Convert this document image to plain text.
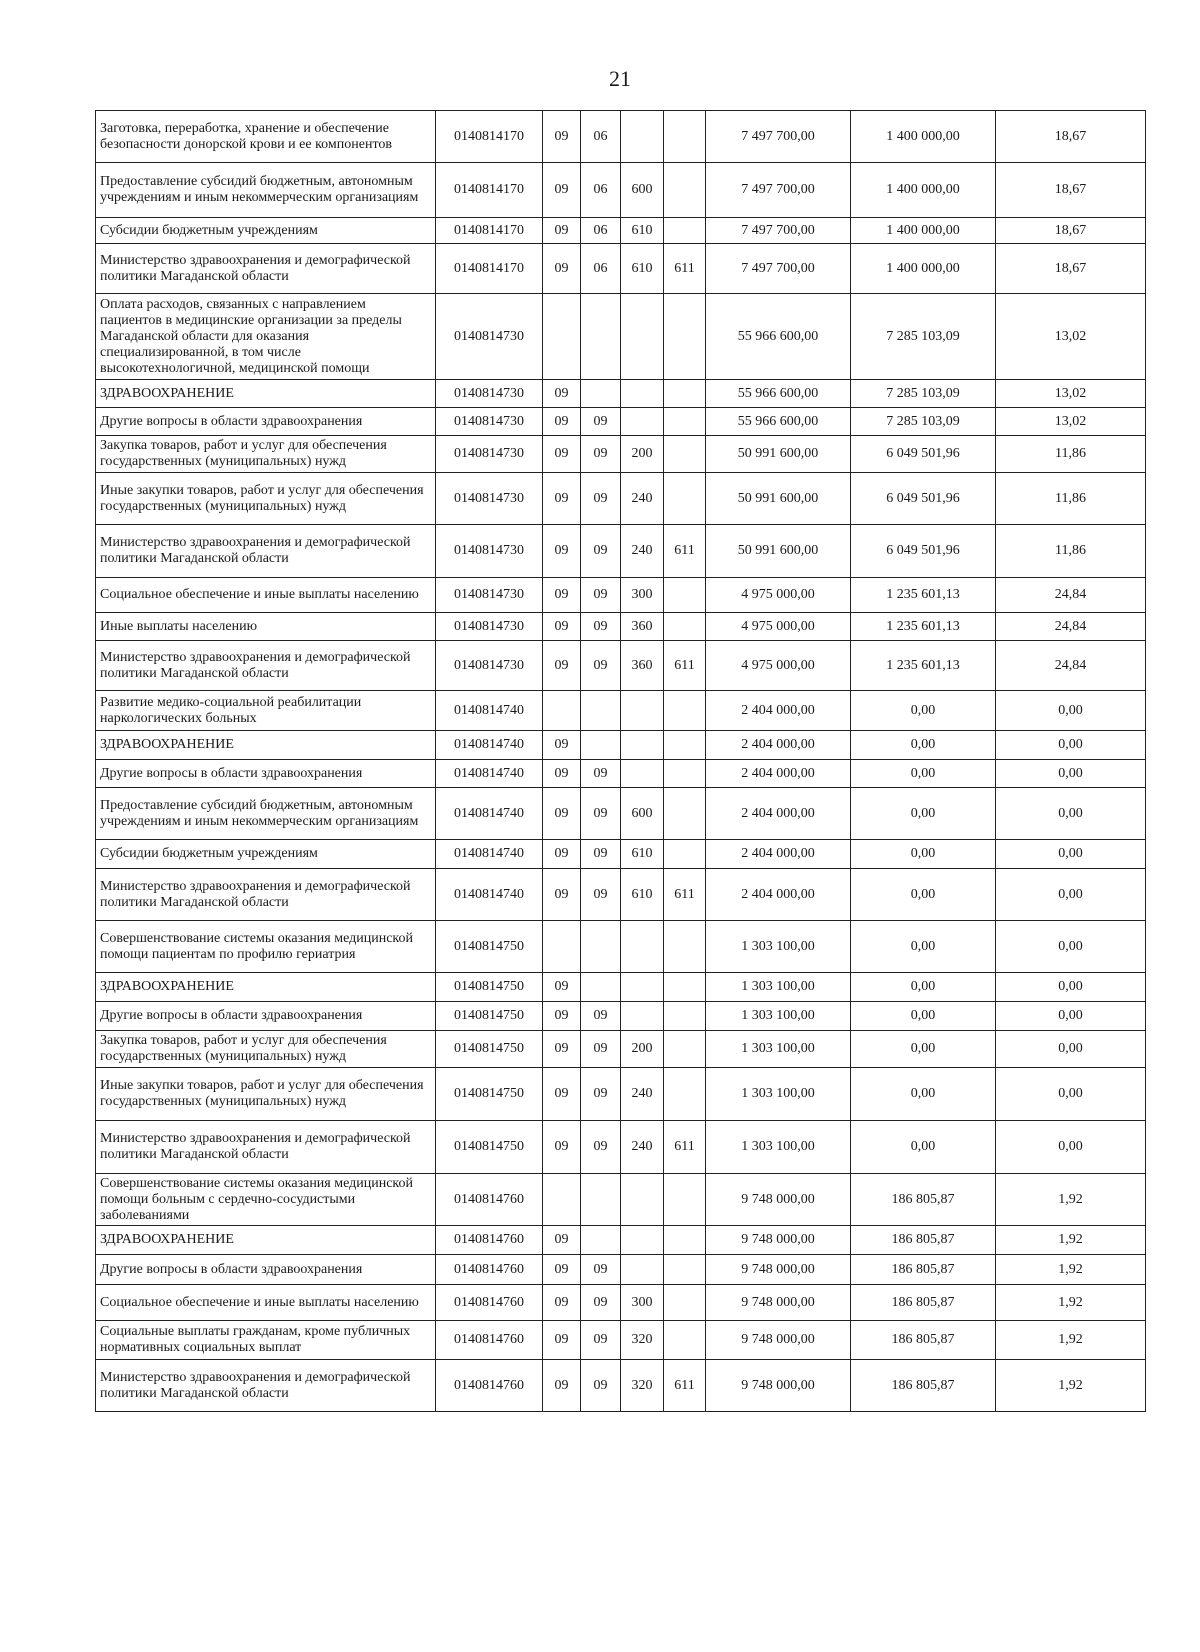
21
Заготовка, переработка, хранение и обеспечение безопасности донорской крови и ее компонентов	0140814170	09	06			7 497 700,00	1 400 000,00	18,67
Предоставление субсидий бюджетным, автономным учреждениям и иным некоммерческим организациям	0140814170	09	06	600		7 497 700,00	1 400 000,00	18,67
Субсидии бюджетным учреждениям	0140814170	09	06	610		7 497 700,00	1 400 000,00	18,67
Министерство здравоохранения и демографической политики Магаданской области	0140814170	09	06	610	611	7 497 700,00	1 400 000,00	18,67
Оплата расходов, связанных с направлением пациентов в медицинские организации за пределы Магаданской области для оказания специализированной, в том числе высокотехнологичной, медицинской помощи	0140814730					55 966 600,00	7 285 103,09	13,02
ЗДРАВООХРАНЕНИЕ	0140814730	09				55 966 600,00	7 285 103,09	13,02
Другие вопросы в области здравоохранения	0140814730	09	09			55 966 600,00	7 285 103,09	13,02
Закупка товаров, работ и услуг для обеспечения государственных (муниципальных) нужд	0140814730	09	09	200		50 991 600,00	6 049 501,96	11,86
Иные закупки товаров, работ и услуг для обеспечения государственных (муниципальных) нужд	0140814730	09	09	240		50 991 600,00	6 049 501,96	11,86
Министерство здравоохранения и демографической политики Магаданской области	0140814730	09	09	240	611	50 991 600,00	6 049 501,96	11,86
Социальное обеспечение и иные выплаты населению	0140814730	09	09	300		4 975 000,00	1 235 601,13	24,84
Иные выплаты населению	0140814730	09	09	360		4 975 000,00	1 235 601,13	24,84
Министерство здравоохранения и демографической политики Магаданской области	0140814730	09	09	360	611	4 975 000,00	1 235 601,13	24,84
Развитие медико-социальной реабилитации наркологических больных	0140814740					2 404 000,00	0,00	0,00
ЗДРАВООХРАНЕНИЕ	0140814740	09				2 404 000,00	0,00	0,00
Другие вопросы в области здравоохранения	0140814740	09	09			2 404 000,00	0,00	0,00
Предоставление субсидий бюджетным, автономным учреждениям и иным некоммерческим организациям	0140814740	09	09	600		2 404 000,00	0,00	0,00
Субсидии бюджетным учреждениям	0140814740	09	09	610		2 404 000,00	0,00	0,00
Министерство здравоохранения и демографической политики Магаданской области	0140814740	09	09	610	611	2 404 000,00	0,00	0,00
Совершенствование системы оказания медицинской помощи пациентам по профилю гериатрия	0140814750					1 303 100,00	0,00	0,00
ЗДРАВООХРАНЕНИЕ	0140814750	09				1 303 100,00	0,00	0,00
Другие вопросы в области здравоохранения	0140814750	09	09			1 303 100,00	0,00	0,00
Закупка товаров, работ и услуг для обеспечения государственных (муниципальных) нужд	0140814750	09	09	200		1 303 100,00	0,00	0,00
Иные закупки товаров, работ и услуг для обеспечения государственных (муниципальных) нужд	0140814750	09	09	240		1 303 100,00	0,00	0,00
Министерство здравоохранения и демографической политики Магаданской области	0140814750	09	09	240	611	1 303 100,00	0,00	0,00
Совершенствование системы оказания медицинской помощи больным с сердечно-сосудистыми заболеваниями	0140814760					9 748 000,00	186 805,87	1,92
ЗДРАВООХРАНЕНИЕ	0140814760	09				9 748 000,00	186 805,87	1,92
Другие вопросы в области здравоохранения	0140814760	09	09			9 748 000,00	186 805,87	1,92
Социальное обеспечение и иные выплаты населению	0140814760	09	09	300		9 748 000,00	186 805,87	1,92
Социальные выплаты гражданам, кроме публичных нормативных социальных выплат	0140814760	09	09	320		9 748 000,00	186 805,87	1,92
Министерство здравоохранения и демографической политики Магаданской области	0140814760	09	09	320	611	9 748 000,00	186 805,87	1,92
